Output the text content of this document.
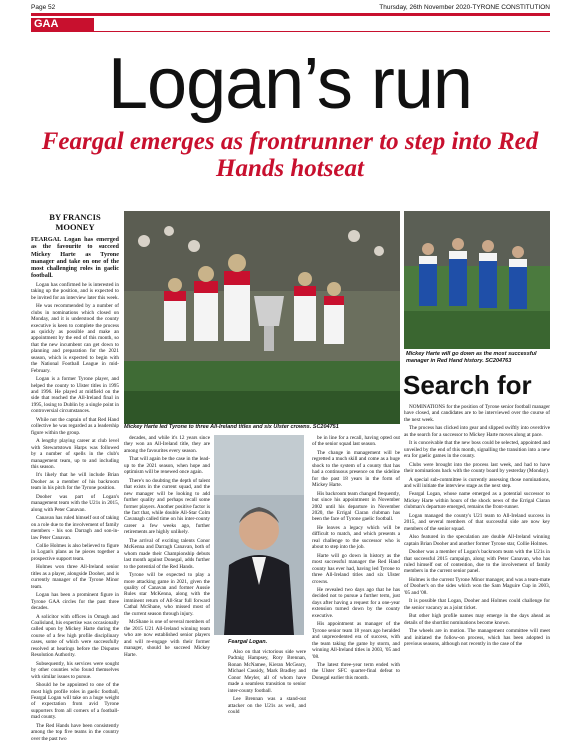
Page 52	Thursday, 26th November 2020-TYRONE CONSTITUTION
GAA
Logan’s run
Feargal emerges as frontrunner to step into Red Hands hotseat
BY FRANCIS MOONEY

FEARGAL Logan has emerged as the favourite to succeed Mickey Harte as Tyrone manager and take on one of the most challenging roles in gaelic football.

Logan has confirmed he is interested in taking up the position, and is expected to be invited for an interview later this week.

He was recommended by a number of clubs in nominations which closed on Monday, and it is understood the county executive is keen to complete the process as quickly as possible and make an appointment by the end of this month, so that the new incumbent can get down to planning and preparation for the 2021 season, which is expected to begin with the National Football League in mid-February.

Logan is a former Tyrone player, and helped the county to Ulster titles in 1995 and 1996. He played at midfield on the side that reached the All-Ireland final in 1995, losing to Dublin by a single point in controversial circumstances.

While not the captain of that Red Hand collective he was regarded as a leadership figure within the group.

A lengthy playing career at club level with Stewartstown Harps was followed by a number of spells in the club's management team, up to and including this season.

It's likely that he will include Brian Dooher as a member of his backroom team in his pitch for the Tyrone position.

Dooher was part of Logan's management team with the U21s in 2015, along with Peter Canavan.

Canavan has ruled himself out of taking on a role due to the involvement of family members - his son Darragh and son-in-law Peter Canavan.

Collie Holmes is also believed to figure in Logan's plans as he pieces together a prospective support team.

Holmes won three All-Ireland senior titles as a player, alongside Dooher, and is currently manager of the Tyrone Minor team.

Logan has been a prominent figure in Tyrone GAA circles for the past three decades.

A solicitor with offices in Omagh and Coalisland, his expertise was occasionally called upon by Mickey Harte during the course of a few high profile disciplinary cases, some of which were successfully resolved at hearings before the Disputes Resolution Authority.

Subsequently, his services were sought by other counties who found themselves with similar issues to pursue.

Should he be appointed to one of the most high profile roles in gaelic football, Feargal Logan will take on a huge weight of expectation from avid Tyrone supporters from all corners of a football-mad county.

The Red Hands have been consistently among the top five teams in the country over the past two

Mickey Harte led Tyrone to three All-Ireland titles and six Ulster crowns. SC204751

decades, and while it's 12 years since they won an All-Ireland title, they are among the favourites every season.

That will again be the case in the lead-up to the 2021 season, when hope and optimism will be renewed once again.

There's no doubting the depth of talent that exists in the current squad, and the new manager will be looking to add further quality and perhaps recall some former players. Another positive factor is the fact that, while double All-Star Colm Cavanagh called time on his inter-county career a few weeks ago, further retirements are highly unlikely.

The arrival of exciting talents Conor McKenna and Darragh Canavan, both of whom made their Championship debuts last month against Donegal, adds further to the potential of the Red Hands.

Tyrone will be expected to play a more attacking game in 2021, given the quality of Canavan and former Aussie Rules star McKenna, along with the imminent return of All-Star full forward Cathal McShane, who missed most of the current season through injury.

McShane is one of several members of the 2015 U21 All-Ireland winning team who are now established senior players and will re-engage with their former manager, should he succeed Mickey Harte.

Feargal Logan.

Also on that victorious side were Padraig Hampsey, Rory Brennan, Ronan McNamee, Kieran McGeary, Michael Cassidy, Mark Bradley and Conor Meyler, all of whom have made a seamless transition to senior inter-county football.

Lee Brennan was a stand-out attacker on the U21s as well, and could

be in line for a recall, having opted out of the senior squad last season.

The change in management will be regretted a much skill and come as a huge shock to the system of a county that has had a continuous presence on the sideline for the past 18 years in the form of Mickey Harte.

His backroom team changed frequently, but since his appointment in November 2002 until his departure in November 2020, the Errigal Ciaran clubman has been the face of Tyrone gaelic football.

He leaves a legacy which will be difficult to match, and which presents a real challenge to the successor who is about to step into the job.

Harte will go down in history as the most successful manager the Red Hand county has ever had, having led Tyrone to three All-Ireland titles and six Ulster crowns.

He revealed two days ago that he has decided not to pursue a further term, just days after having a request for a one-year extension turned down by the county executive.

His appointment as manager of the Tyrone senior team 18 years ago heralded and unprecedented era of success, with the team taking the game by storm, and winning All-Ireland titles in 2003, '05 and '08.

The latest three-year term ended with the Ulster SFC quarter-final defeat to Donegal earlier this month.

Mickey Harte will go down as the most successful manager in Red Hand history. SC204763
Search for

NOMINATIONS for the position of Tyrone senior football manager have closed, and candidates are to be interviewed over the course of the next week.

The process has clicked into gear and slipped swiftly into overdrive as the search for a successor to Mickey Harte moves along at pace.

It is conceivable that the new boss could be selected, appointed and unveiled by the end of this month, signalling the transition into a new era for gaelic games in the county.

Clubs were brought into the process last week, and had to have their nominations back with the county board by yesterday (Monday).

A special sub-committee is currently assessing those nominations, and will initiate the interview stage as the next step.

Feargal Logan, whose name emerged as a potential successor to Mickey Harte within hours of the shock news of the Errigal Ciaran clubman's departure emerged, remains the front-runner.

Logan managed the county's U21 team to All-Ireland success in 2015, and several members of that successful side are now key members of the senior squad.

Also featured in the speculation are double All-Ireland winning captain Brian Dooher and another former Tyrone star, Collie Holmes.

Dooher was a member of Logan's backroom team with the U21s in that successful 2015 campaign, along with Peter Canavan, who has ruled himself out of contention, due to the involvement of family members in the current senior panel.

Holmes is the current Tyrone Minor manager, and was a team-mate of Dooher's on the sides which won the Sam Maguire Cup in 2003, '05 and '08.

It is possible that Logan, Dooher and Holmes could challenge for the senior vacancy as a joint ticket.

But other high profile names may emerge in the days ahead as details of the shortlist nominations become known.

The wheels are in motion. The management committee will meet and initiated the follow-on process, which has been adopted in previous seasons, although not recently in the case of the
